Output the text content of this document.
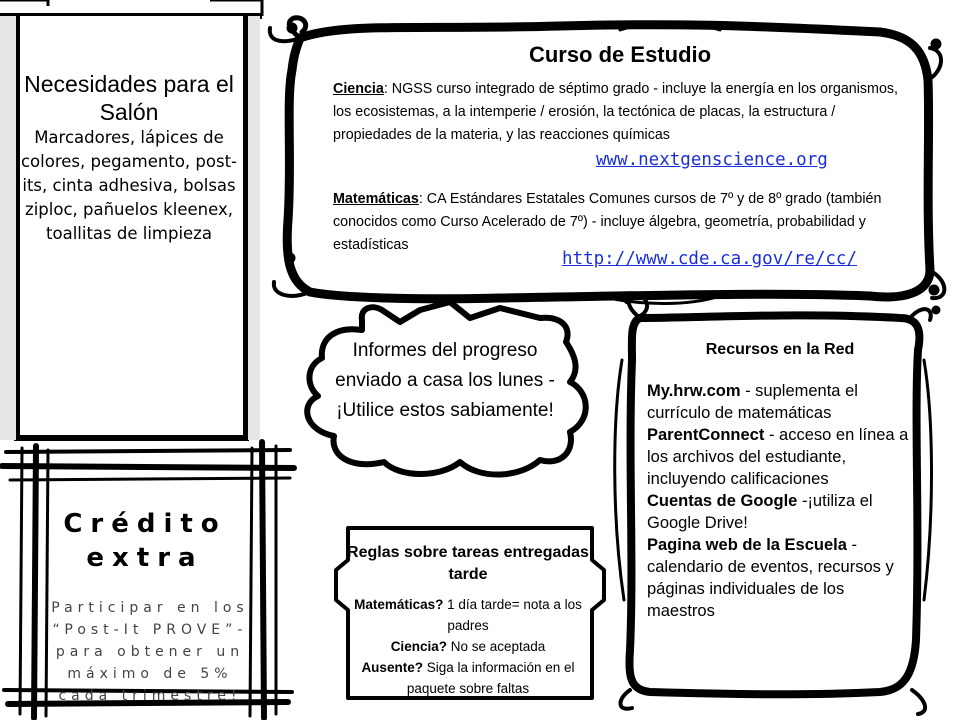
Necesidades para el Salón
Marcadores, lápices de colores, pegamento, post-its, cinta adhesiva, bolsas ziploc, pañuelos kleenex, toallitas de limpieza
Curso de Estudio
Ciencia: NGSS curso integrado de séptimo grado - incluye la energía en los organismos, los ecosistemas, a la intemperie / erosión, la tectónica de placas, la estructura / propiedades de la materia, y las reacciones químicas
www.nextgenscience.org
Matemáticas: CA Estándares Estatales Comunes cursos de 7º y de 8º grado (también conocidos como Curso Acelerado de 7º) - incluye álgebra, geometría, probabilidad y estadísticas
http://www.cde.ca.gov/re/cc/
Informes del progreso enviado a casa los lunes -¡Utilice estos sabiamente!
Recursos en la Red
My.hrw.com - suplementa el currículo de matemáticas
ParentConnect - acceso en línea a los archivos del estudiante, incluyendo calificaciones
Cuentas de Google -¡utiliza el Google Drive!
Pagina web de la Escuela - calendario de eventos, recursos y páginas individuales de los maestros
Crédito
extra
Participar en los “Post-It PROVE”- para obtener un máximo de 5% cada trimestre!
Reglas sobre tareas entregadas tarde
Matemáticas? 1 día tarde= nota a los padres
Ciencia? No se aceptada
Ausente? Siga la información en el paquete sobre faltas
